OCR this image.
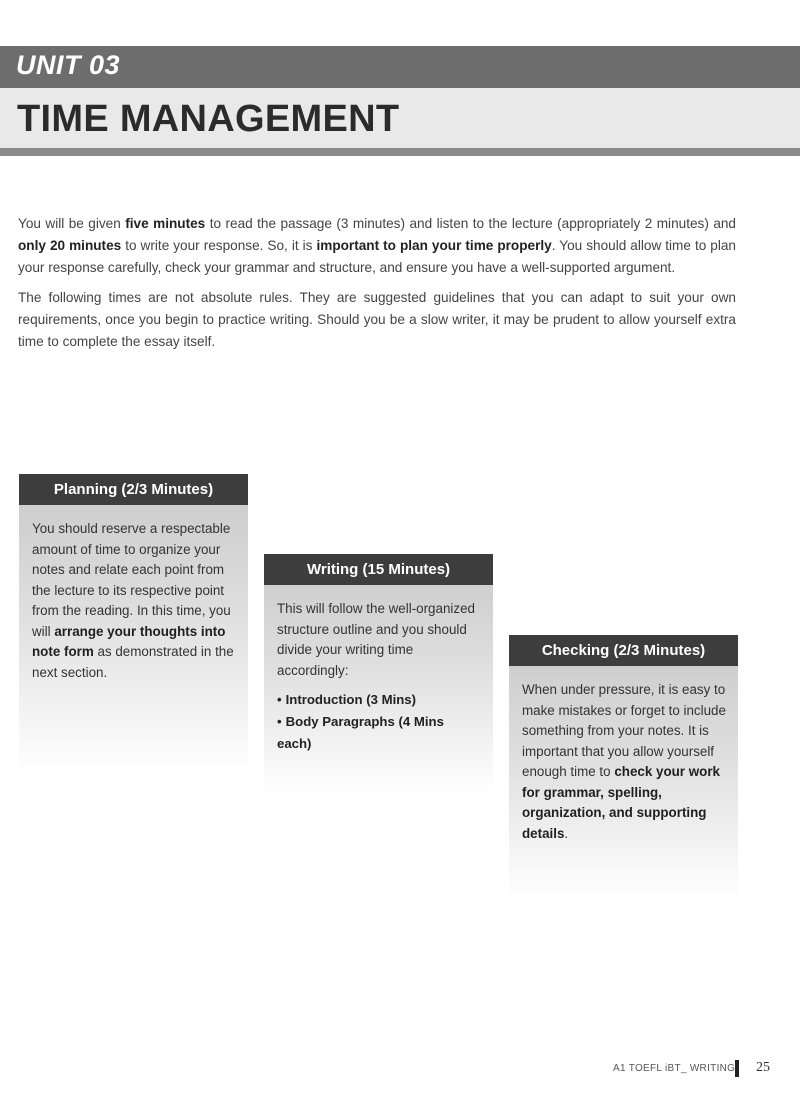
UNIT 03
TIME MANAGEMENT

You will be given five minutes to read the passage (3 minutes) and listen to the lecture (appropriately 2 minutes) and only 20 minutes to write your response. So, it is important to plan your time properly. You should allow time to plan your response carefully, check your grammar and structure, and ensure you have a well-supported argument.

The following times are not absolute rules. They are suggested guidelines that you can adapt to suit your own requirements, once you begin to practice writing. Should you be a slow writer, it may be prudent to allow yourself extra time to complete the essay itself.

Planning (2/3 Minutes)
You should reserve a respectable amount of time to organize your notes and relate each point from the lecture to its respective point from the reading. In this time, you will arrange your thoughts into note form as demonstrated in the next section.
Writing (15 Minutes)
This will follow the well-organized structure outline and you should divide your writing time accordingly:
• Introduction (3 Mins)
• Body Paragraphs (4 Mins each)
Checking (2/3 Minutes)
When under pressure, it is easy to make mistakes or forget to include something from your notes. It is important that you allow yourself enough time to check your work for grammar, spelling, organization, and supporting details.
A1 TOEFL iBT_ WRITING 25
